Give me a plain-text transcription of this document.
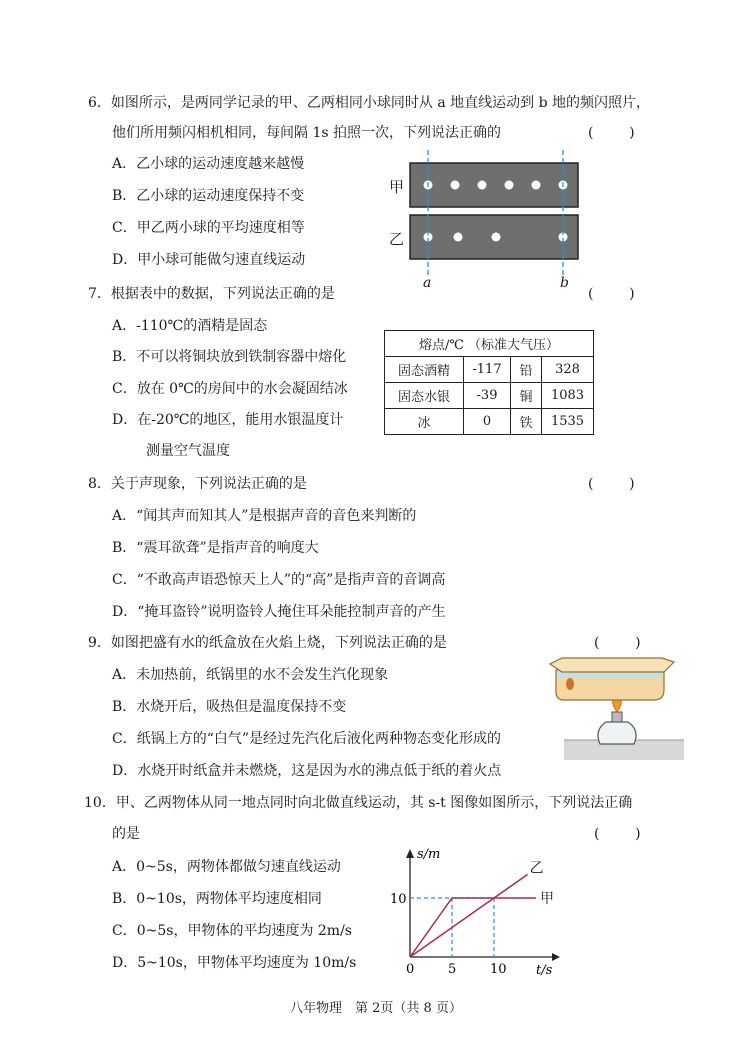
6．如图所示，是两同学记录的甲、乙两相同小球同时从 a 地直线运动到 b 地的频闪照片，
他们所用频闪相机相同，每间隔 1s 拍照一次，下列说法正确的	(        )
A．乙小球的运动速度越来越慢
B．乙小球的运动速度保持不变
C．甲乙两小球的平均速度相等
D．甲小球可能做匀速直线运动
甲
乙
a	b
7．根据表中的数据，下列说法正确的是	(        )
A．-110℃的酒精是固态
B．不可以将铜块放到铁制容器中熔化
C．放在 0℃的房间中的水会凝固结冰
D．在-20℃的地区，能用水银温度计
测量空气温度
熔点/℃ （标准大气压）			
固态酒精	-117	铅	328
固态水银	-39	铜	1083
冰	0	铁	1535
8．关于声现象，下列说法正确的是	(        )
A．“闻其声而知其人”是根据声音的音色来判断的
B．“震耳欲聋”是指声音的响度大
C．“不敢高声语恐惊天上人”的“高”是指声音的音调高
D．“掩耳盗铃”说明盗铃人掩住耳朵能控制声音的产生
9．如图把盛有水的纸盒放在火焰上烧，下列说法正确的是	(        )
A．未加热前，纸锅里的水不会发生汽化现象
B．水烧开后，吸热但是温度保持不变
C．纸锅上方的“白气”是经过先汽化后液化两种物态变化形成的
D．水烧开时纸盒并未燃烧，这是因为水的沸点低于纸的着火点
10．甲、乙两物体从同一地点同时向北做直线运动，其 s-t 图像如图所示，下列说法正确
的是	(        )
A．0~5s，两物体都做匀速直线运动
B．0~10s，两物体平均速度相同
C．0~5s，甲物体的平均速度为 2m/s
D．5~10s，甲物体平均速度为 10m/s
甲
乙
0	5	10
10
t/s
s/m
八年物理　第 2页（共 8 页）
